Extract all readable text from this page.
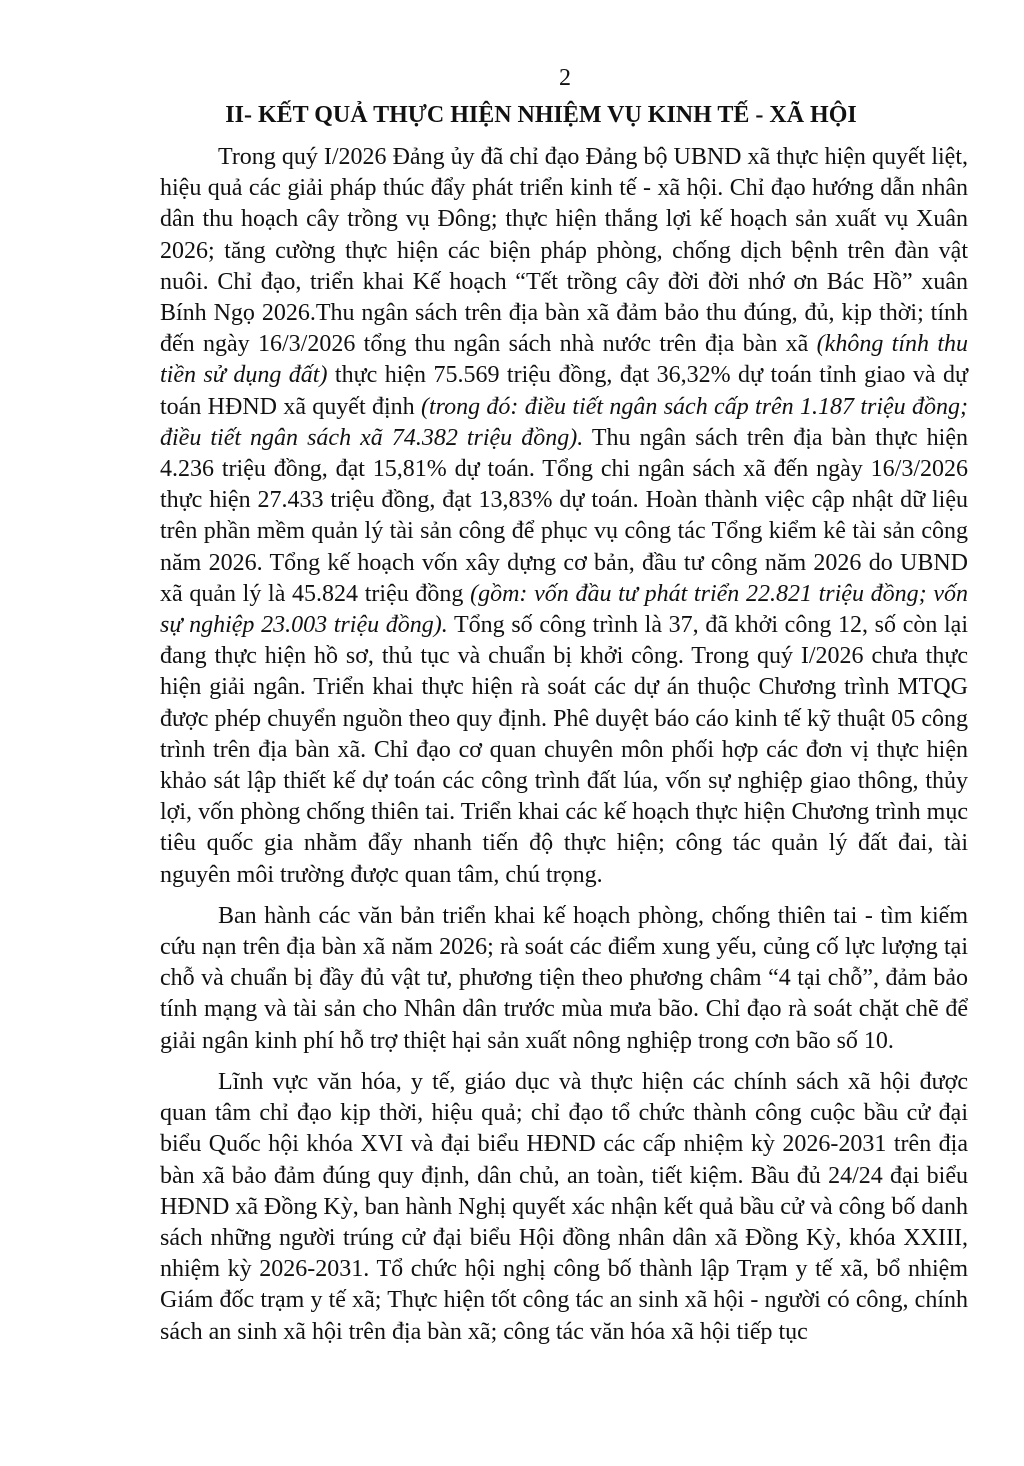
2
II- KẾT QUẢ THỰC HIỆN NHIỆM VỤ KINH TẾ - XÃ HỘI

Trong quý I/2026 Đảng ủy đã chỉ đạo Đảng bộ UBND xã thực hiện quyết liệt, hiệu quả các giải pháp thúc đẩy phát triển kinh tế - xã hội. Chỉ đạo hướng dẫn nhân dân thu hoạch cây trồng vụ Đông; thực hiện thắng lợi kế hoạch sản xuất vụ Xuân 2026; tăng cường thực hiện các biện pháp phòng, chống dịch bệnh trên đàn vật nuôi. Chỉ đạo, triển khai Kế hoạch “Tết trồng cây đời đời nhớ ơn Bác Hồ” xuân Bính Ngọ 2026.Thu ngân sách trên địa bàn xã đảm bảo thu đúng, đủ, kịp thời; tính đến ngày 16/3/2026 tổng thu ngân sách nhà nước trên địa bàn xã (không tính thu tiền sử dụng đất) thực hiện 75.569 triệu đồng, đạt 36,32% dự toán tỉnh giao và dự toán HĐND xã quyết định (trong đó: điều tiết ngân sách cấp trên 1.187 triệu đồng; điều tiết ngân sách xã 74.382 triệu đồng). Thu ngân sách trên địa bàn thực hiện 4.236 triệu đồng, đạt 15,81% dự toán. Tổng chi ngân sách xã đến ngày 16/3/2026 thực hiện 27.433 triệu đồng, đạt 13,83% dự toán. Hoàn thành việc cập nhật dữ liệu trên phần mềm quản lý tài sản công để phục vụ công tác Tổng kiểm kê tài sản công năm 2026. Tổng kế hoạch vốn xây dựng cơ bản, đầu tư công năm 2026 do UBND xã quản lý là 45.824 triệu đồng (gồm: vốn đầu tư phát triển 22.821 triệu đồng; vốn sự nghiệp 23.003 triệu đồng). Tổng số công trình là 37, đã khởi công 12, số còn lại đang thực hiện hồ sơ, thủ tục và chuẩn bị khởi công. Trong quý I/2026 chưa thực hiện giải ngân. Triển khai thực hiện rà soát các dự án thuộc Chương trình MTQG được phép chuyển nguồn theo quy định. Phê duyệt báo cáo kinh tế kỹ thuật 05 công trình trên địa bàn xã. Chỉ đạo cơ quan chuyên môn phối hợp các đơn vị thực hiện khảo sát lập thiết kế dự toán các công trình đất lúa, vốn sự nghiệp giao thông, thủy lợi, vốn phòng chống thiên tai. Triển khai các kế hoạch thực hiện Chương trình mục tiêu quốc gia nhằm đẩy nhanh tiến độ thực hiện; công tác quản lý đất đai, tài nguyên môi trường được quan tâm, chú trọng.

Ban hành các văn bản triển khai kế hoạch phòng, chống thiên tai - tìm kiếm cứu nạn trên địa bàn xã năm 2026; rà soát các điểm xung yếu, củng cố lực lượng tại chỗ và chuẩn bị đầy đủ vật tư, phương tiện theo phương châm “4 tại chỗ”, đảm bảo tính mạng và tài sản cho Nhân dân trước mùa mưa bão. Chỉ đạo rà soát chặt chẽ để giải ngân kinh phí hỗ trợ thiệt hại sản xuất nông nghiệp trong cơn bão số 10.

Lĩnh vực văn hóa, y tế, giáo dục và thực hiện các chính sách xã hội được quan tâm chỉ đạo kịp thời, hiệu quả; chỉ đạo tổ chức thành công cuộc bầu cử đại biểu Quốc hội khóa XVI và đại biểu HĐND các cấp nhiệm kỳ 2026-2031 trên địa bàn xã bảo đảm đúng quy định, dân chủ, an toàn, tiết kiệm. Bầu đủ 24/24 đại biểu HĐND xã Đồng Kỳ, ban hành Nghị quyết xác nhận kết quả bầu cử và công bố danh sách những người trúng cử đại biểu Hội đồng nhân dân xã Đồng Kỳ, khóa XXIII, nhiệm kỳ 2026-2031. Tổ chức hội nghị công bố thành lập Trạm y tế xã, bổ nhiệm Giám đốc trạm y tế xã; Thực hiện tốt công tác an sinh xã hội - người có công, chính sách an sinh xã hội trên địa bàn xã; công tác văn hóa xã hội tiếp tục
